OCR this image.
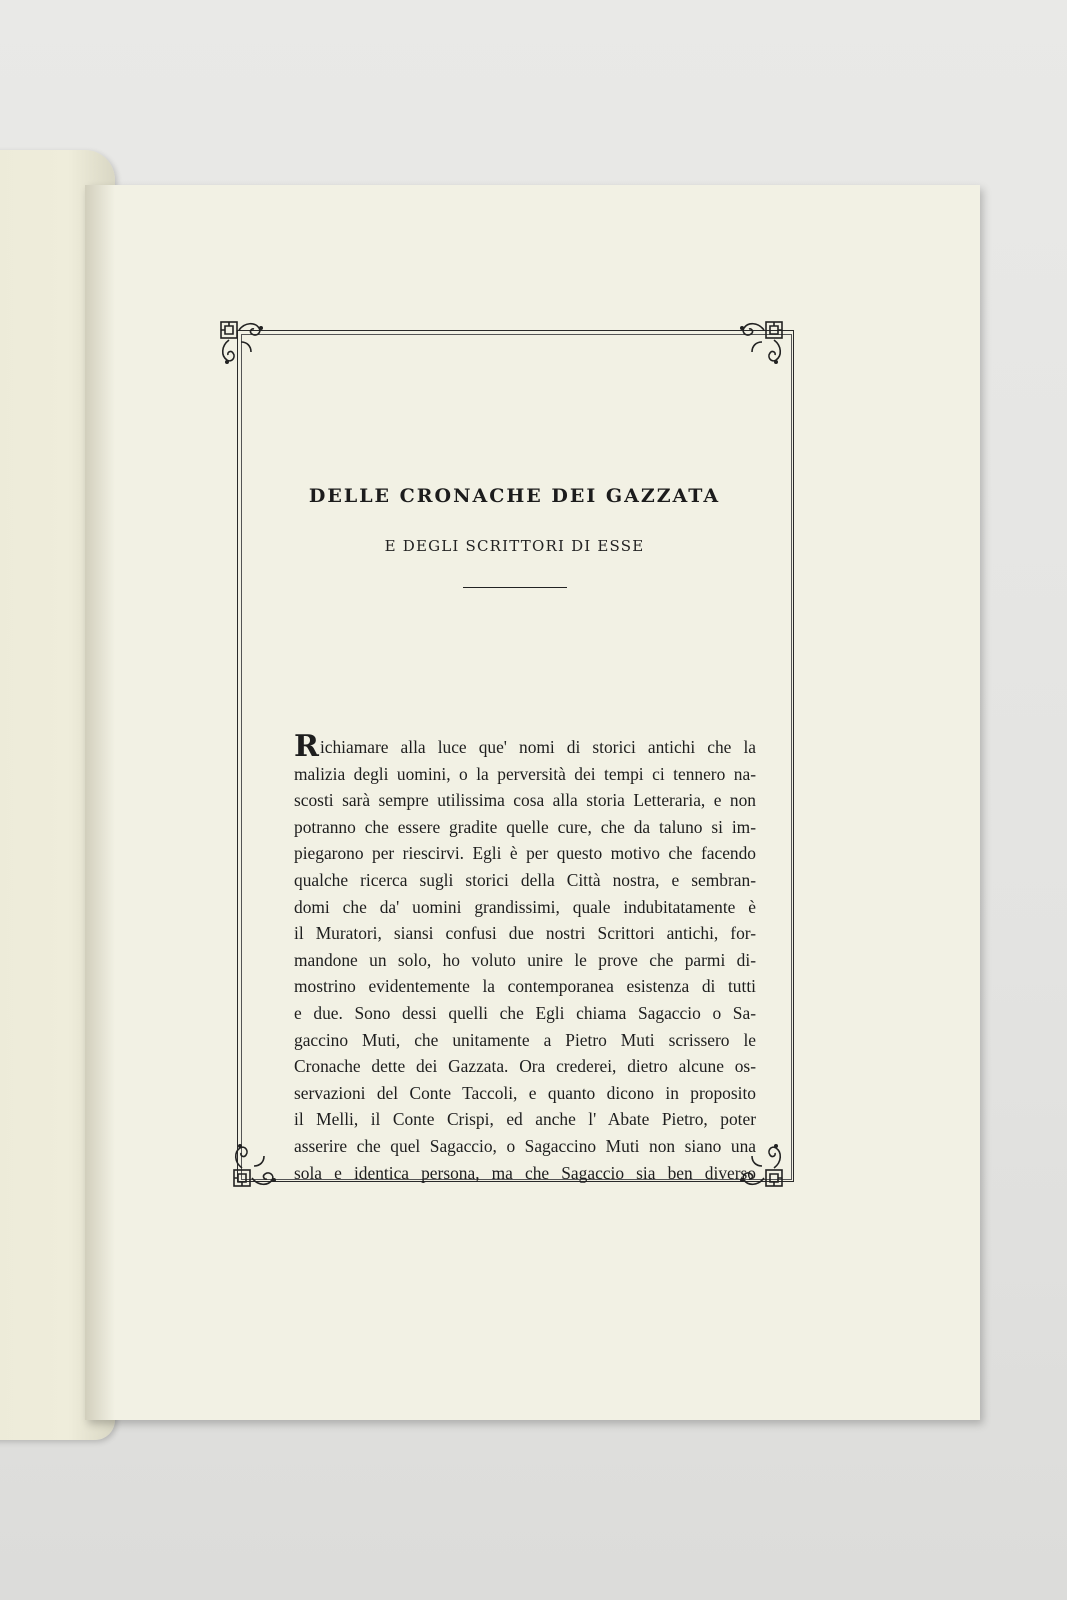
DELLE CRONACHE DEI GAZZATA
E DEGLI SCRITTORI DI ESSE
Richiamare alla luce que' nomi di storici antichi che la
malizia degli uomini, o la perversità dei tempi ci tennero na-
scosti sarà sempre utilissima cosa alla storia Letteraria, e non
potranno che essere gradite quelle cure, che da taluno si im-
piegarono per riescirvi. Egli è per questo motivo che facendo
qualche ricerca sugli storici della Città nostra, e sembran-
domi che da' uomini grandissimi, quale indubitatamente è
il Muratori, siansi confusi due nostri Scrittori antichi, for-
mandone un solo, ho voluto unire le prove che parmi di-
mostrino evidentemente la contemporanea esistenza di tutti
e due. Sono dessi quelli che Egli chiama Sagaccio o Sa-
gaccino Muti, che unitamente a Pietro Muti scrissero le
Cronache dette dei Gazzata. Ora crederei, dietro alcune os-
servazioni del Conte Taccoli, e quanto dicono in proposito
il Melli, il Conte Crispi, ed anche l' Abate Pietro, poter
asserire che quel Sagaccio, o Sagaccino Muti non siano una
sola e identica persona, ma che Sagaccio sia ben diverso
